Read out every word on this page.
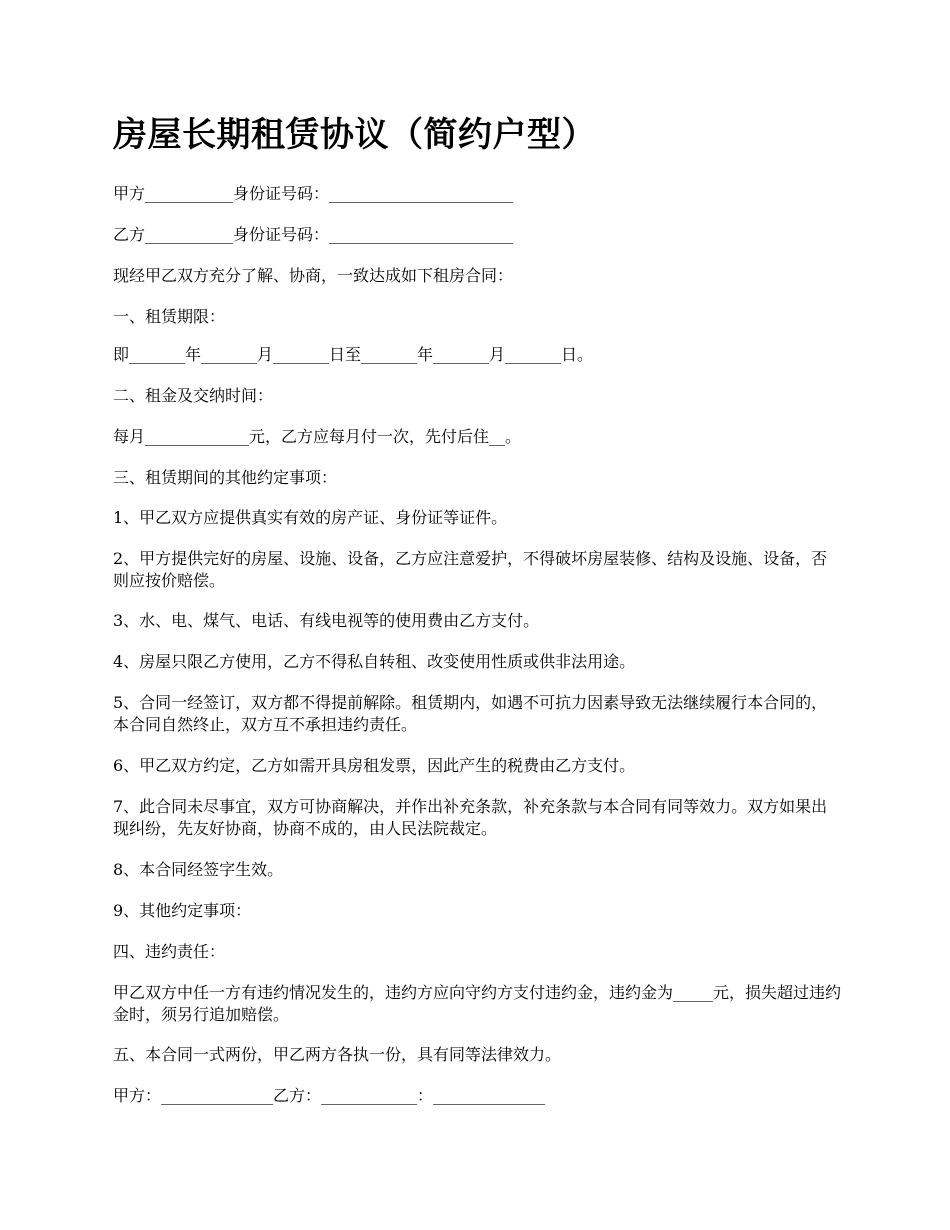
房屋长期租赁协议（简约户型）

甲方___________身份证号码：_______________________

乙方___________身份证号码：_______________________

现经甲乙双方充分了解、协商，一致达成如下租房合同：

一、租赁期限：

即_______年_______月_______日至_______年_______月_______日。

二、租金及交纳时间：

每月_____________元，乙方应每月付一次，先付后住__。

三、租赁期间的其他约定事项：

1、甲乙双方应提供真实有效的房产证、身份证等证件。

2、甲方提供完好的房屋、设施、设备，乙方应注意爱护，不得破坏房屋装修、结构及设施、设备，否则应按价赔偿。

3、水、电、煤气、电话、有线电视等的使用费由乙方支付。

4、房屋只限乙方使用，乙方不得私自转租、改变使用性质或供非法用途。

5、合同一经签订，双方都不得提前解除。租赁期内，如遇不可抗力因素导致无法继续履行本合同的，本合同自然终止，双方互不承担违约责任。

6、甲乙双方约定，乙方如需开具房租发票，因此产生的税费由乙方支付。

7、此合同未尽事宜，双方可协商解决，并作出补充条款，补充条款与本合同有同等效力。双方如果出现纠纷，先友好协商，协商不成的，由人民法院裁定。

8、本合同经签字生效。

9、其他约定事项：

四、违约责任：

甲乙双方中任一方有违约情况发生的，违约方应向守约方支付违约金，违约金为_____元，损失超过违约金时，须另行追加赔偿。

五、本合同一式两份，甲乙两方各执一份，具有同等法律效力。

甲方：______________乙方：____________：______________
